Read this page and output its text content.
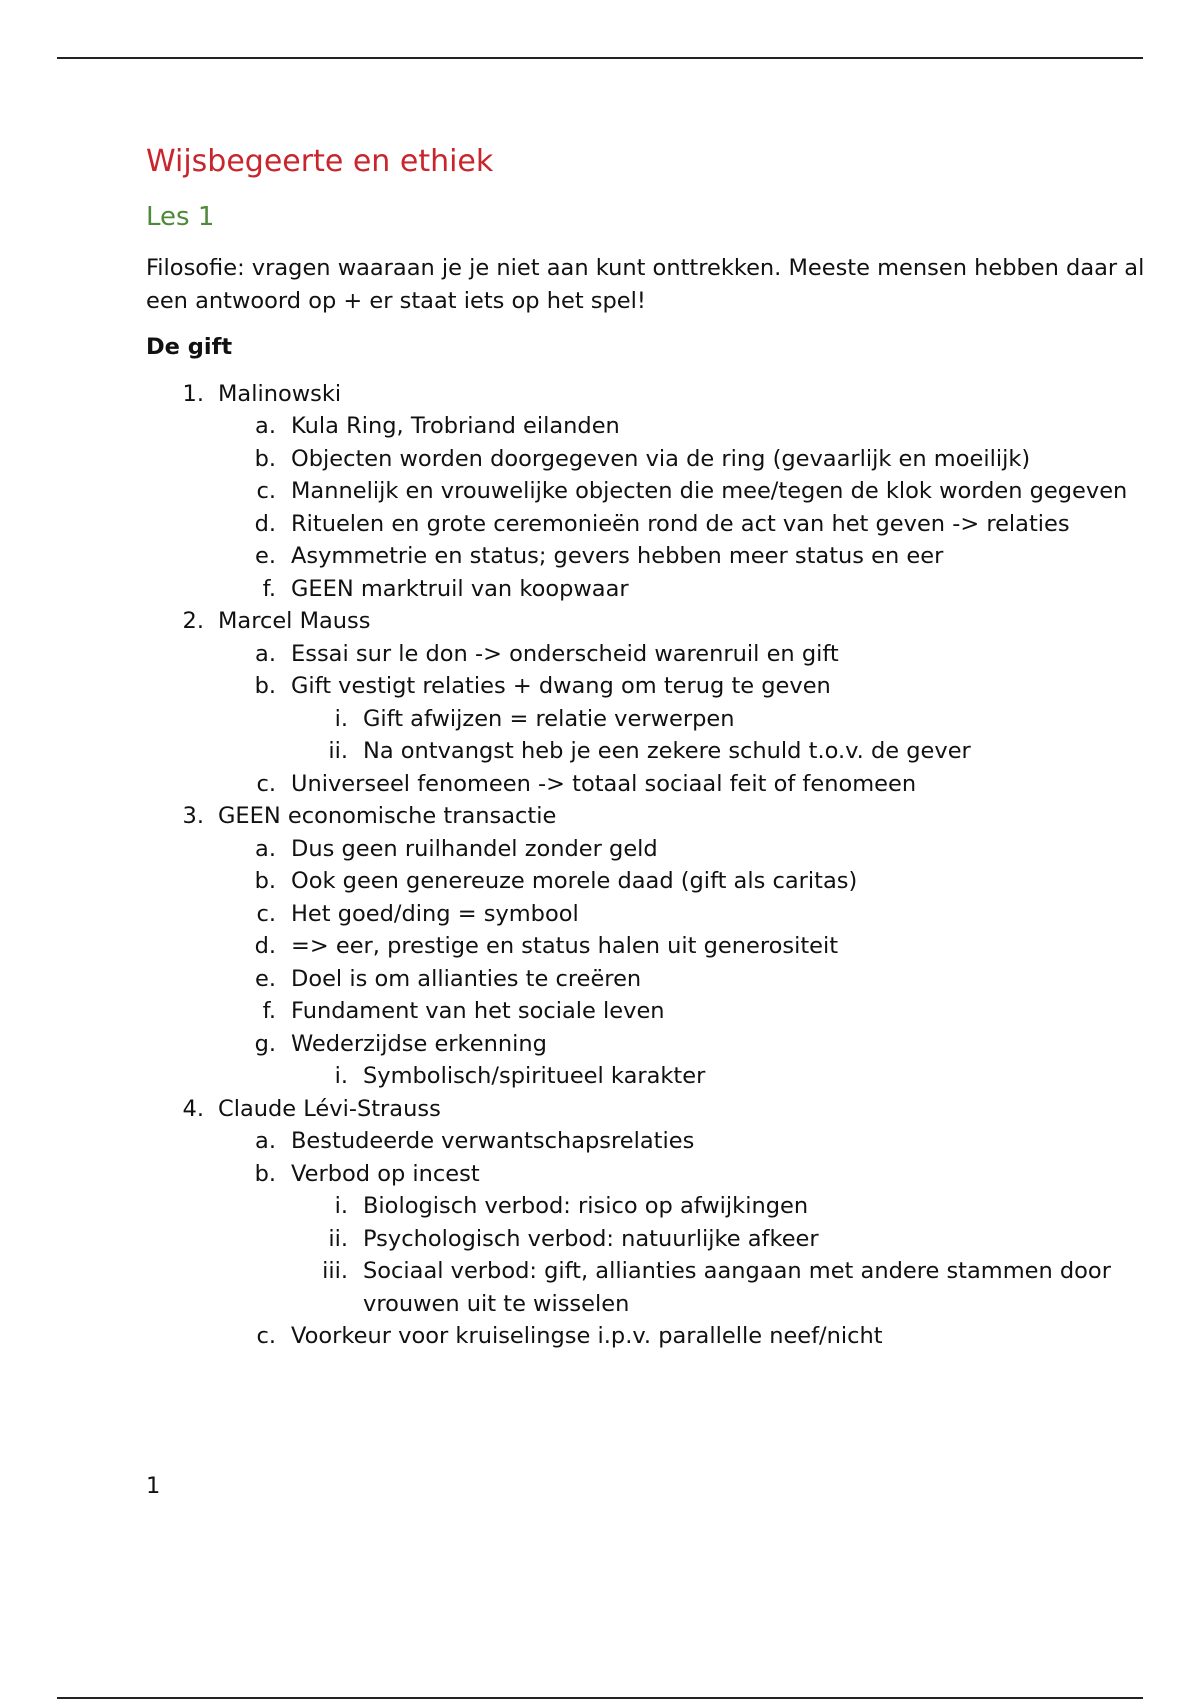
Wijsbegeerte en ethiek
Les 1

Filosofie: vragen waaraan je je niet aan kunt onttrekken. Meeste mensen hebben daar al een antwoord op + er staat iets op het spel!

De gift

1. Malinowski
a. Kula Ring, Trobriand eilanden
b. Objecten worden doorgegeven via de ring (gevaarlijk en moeilijk)
c. Mannelijk en vrouwelijke objecten die mee/tegen de klok worden gegeven
d. Rituelen en grote ceremonieën rond de act van het geven -> relaties
e. Asymmetrie en status; gevers hebben meer status en eer
f. GEEN marktruil van koopwaar
2. Marcel Mauss
a. Essai sur le don -> onderscheid warenruil en gift
b. Gift vestigt relaties + dwang om terug te geven
i. Gift afwijzen = relatie verwerpen
ii. Na ontvangst heb je een zekere schuld t.o.v. de gever
c. Universeel fenomeen -> totaal sociaal feit of fenomeen
3. GEEN economische transactie
a. Dus geen ruilhandel zonder geld
b. Ook geen genereuze morele daad (gift als caritas)
c. Het goed/ding = symbool
d. => eer, prestige en status halen uit generositeit
e. Doel is om allianties te creëren
f. Fundament van het sociale leven
g. Wederzijdse erkenning
i. Symbolisch/spiritueel karakter
4. Claude Lévi-Strauss
a. Bestudeerde verwantschapsrelaties
b. Verbod op incest
i. Biologisch verbod: risico op afwijkingen
ii. Psychologisch verbod: natuurlijke afkeer
iii. Sociaal verbod: gift, allianties aangaan met andere stammen door vrouwen uit te wisselen
c. Voorkeur voor kruiselingse i.p.v. parallelle neef/nicht
1
